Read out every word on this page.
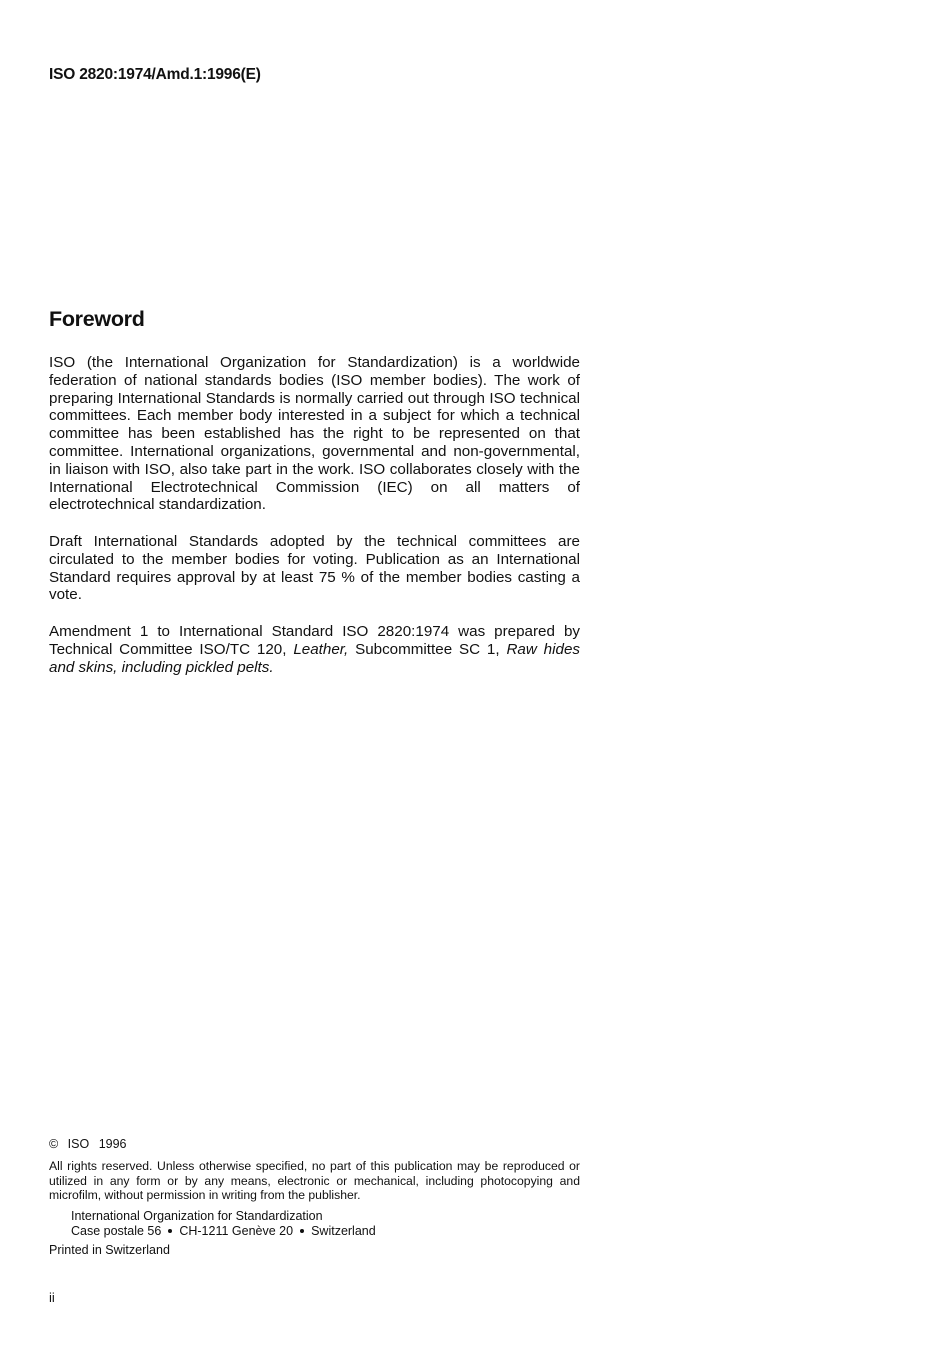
ISO 2820:1974/Amd.1:1996(E)
Foreword

ISO (the International Organization for Standardization) is a worldwide federation of national standards bodies (ISO member bodies). The work of preparing International Standards is normally carried out through ISO technical committees. Each member body interested in a subject for which a technical committee has been established has the right to be represented on that committee. International organizations, governmental and non-governmental, in liaison with ISO, also take part in the work. ISO collaborates closely with the International Electrotechnical Commission (IEC) on all matters of electrotechnical standardization.

Draft International Standards adopted by the technical committees are circulated to the member bodies for voting. Publication as an International Standard requires approval by at least 75 % of the member bodies casting a vote.

Amendment 1 to International Standard ISO 2820:1974 was prepared by Technical Committee ISO/TC 120, Leather, Subcommittee SC 1, Raw hides and skins, including pickled pelts.

© ISO 1996

All rights reserved. Unless otherwise specified, no part of this publication may be reproduced or utilized in any form or by any means, electronic or mechanical, including photocopying and microfilm, without permission in writing from the publisher.

International Organization for Standardization
Case postale 56 CH-1211 Genève 20 Switzerland
Printed in Switzerland
ii
